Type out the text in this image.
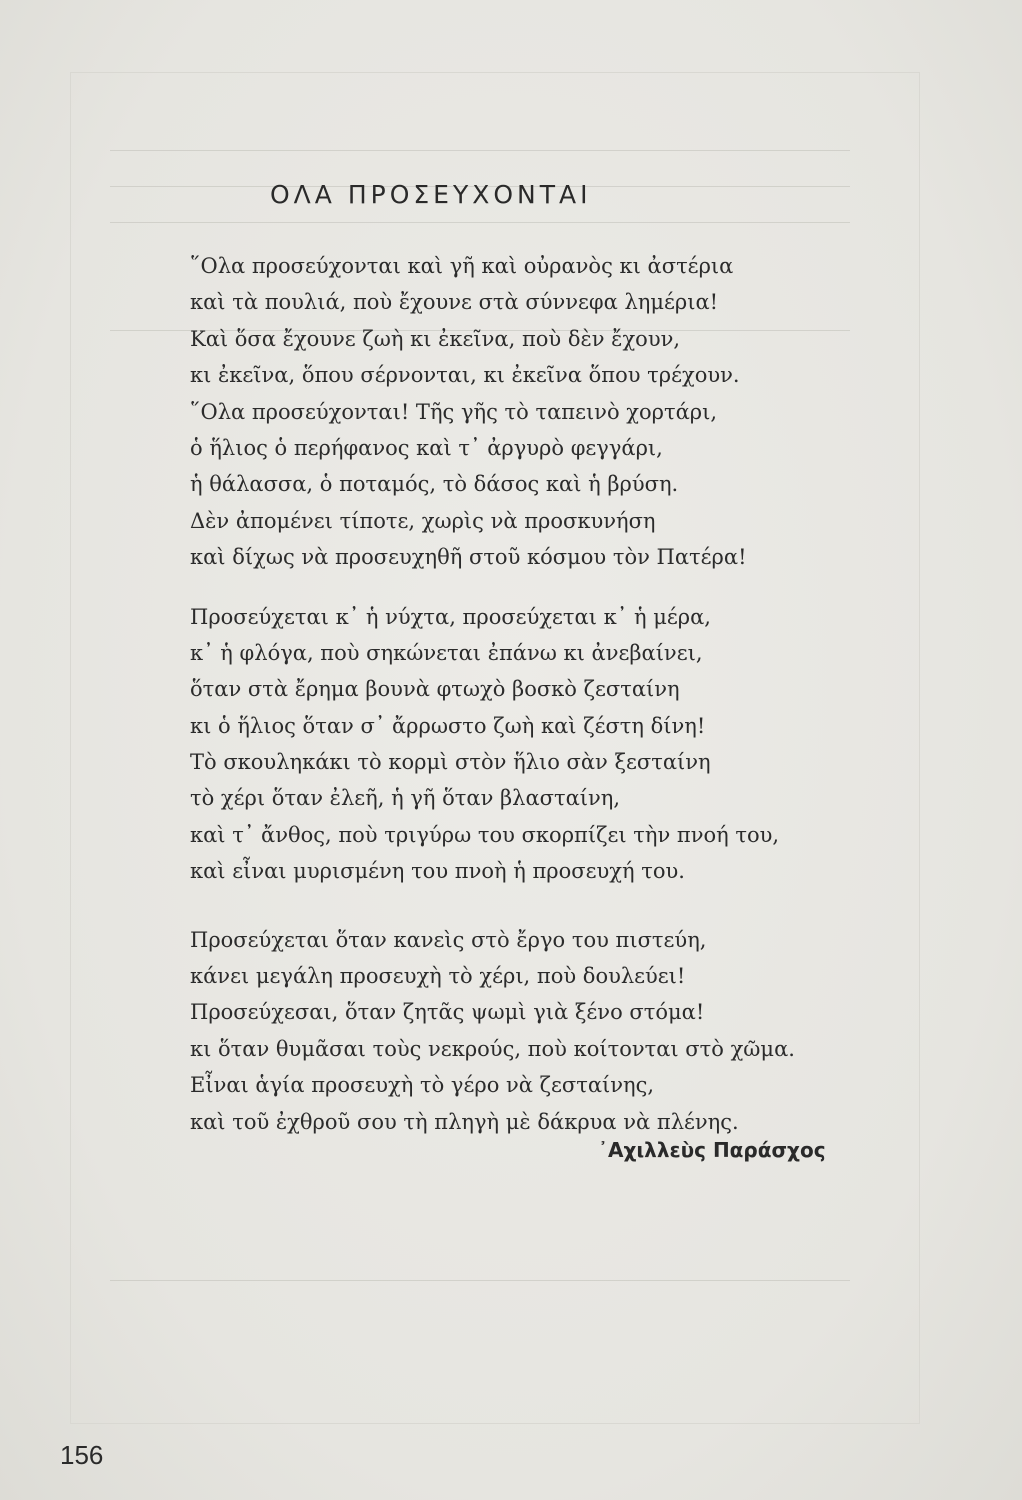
ΟΛΑ ΠΡΟΣΕΥΧΟΝΤΑΙ
῞Ολα προσεύχονται καὶ γῆ καὶ οὐρανὸς κι ἀστέρια
καὶ τὰ πουλιά, ποὺ ἔχουνε στὰ σύννεφα λημέρια!
Καὶ ὅσα ἔχουνε ζωὴ κι ἐκεῖνα, ποὺ δὲν ἔχουν,
κι ἐκεῖνα, ὅπου σέρνονται, κι ἐκεῖνα ὅπου τρέχουν.
῞Ολα προσεύχονται! Τῆς γῆς τὸ ταπεινὸ χορτάρι,
ὁ ἥλιος ὁ περήφανος καὶ τ᾽ ἀργυρὸ φεγγάρι,
ἡ θάλασσα, ὁ ποταμός, τὸ δάσος καὶ ἡ βρύση.
Δὲν ἀπομένει τίποτε, χωρὶς νὰ προσκυνήση
καὶ δίχως νὰ προσευχηθῆ στοῦ κόσμου τὸν Πατέρα!
Προσεύχεται κ᾽ ἡ νύχτα, προσεύχεται κ᾽ ἡ μέρα,
κ᾽ ἡ φλόγα, ποὺ σηκώνεται ἐπάνω κι ἀνεβαίνει,
ὅταν στὰ ἔρημα βουνὰ φτωχὸ βοσκὸ ζεσταίνη
κι ὁ ἥλιος ὅταν σ᾽ ἄρρωστο ζωὴ καὶ ζέστη δίνη!
Τὸ σκουληκάκι τὸ κορμὶ στὸν ἥλιο σὰν ξεσταίνη
τὸ χέρι ὅταν ἐλεῆ, ἡ γῆ ὅταν βλασταίνη,
καὶ τ᾽ ἄνθος, ποὺ τριγύρω του σκορπίζει τὴν πνοή του,
καὶ εἶναι μυρισμένη του πνοὴ ἡ προσευχή του.
Προσεύχεται ὅταν κανεὶς στὸ ἔργο του πιστεύη,
κάνει μεγάλη προσευχὴ τὸ χέρι, ποὺ δουλεύει!
Προσεύχεσαι, ὅταν ζητᾶς ψωμὶ γιὰ ξένο στόμα!
κι ὅταν θυμᾶσαι τοὺς νεκρούς, ποὺ κοίτονται στὸ χῶμα.
Εἶναι ἁγία προσευχὴ τὸ γέρο νὰ ζεσταίνης,
καὶ τοῦ ἐχθροῦ σου τὴ πληγὴ μὲ δάκρυα νὰ πλένης.
᾽Αχιλλεὺς Παράσχος
156
